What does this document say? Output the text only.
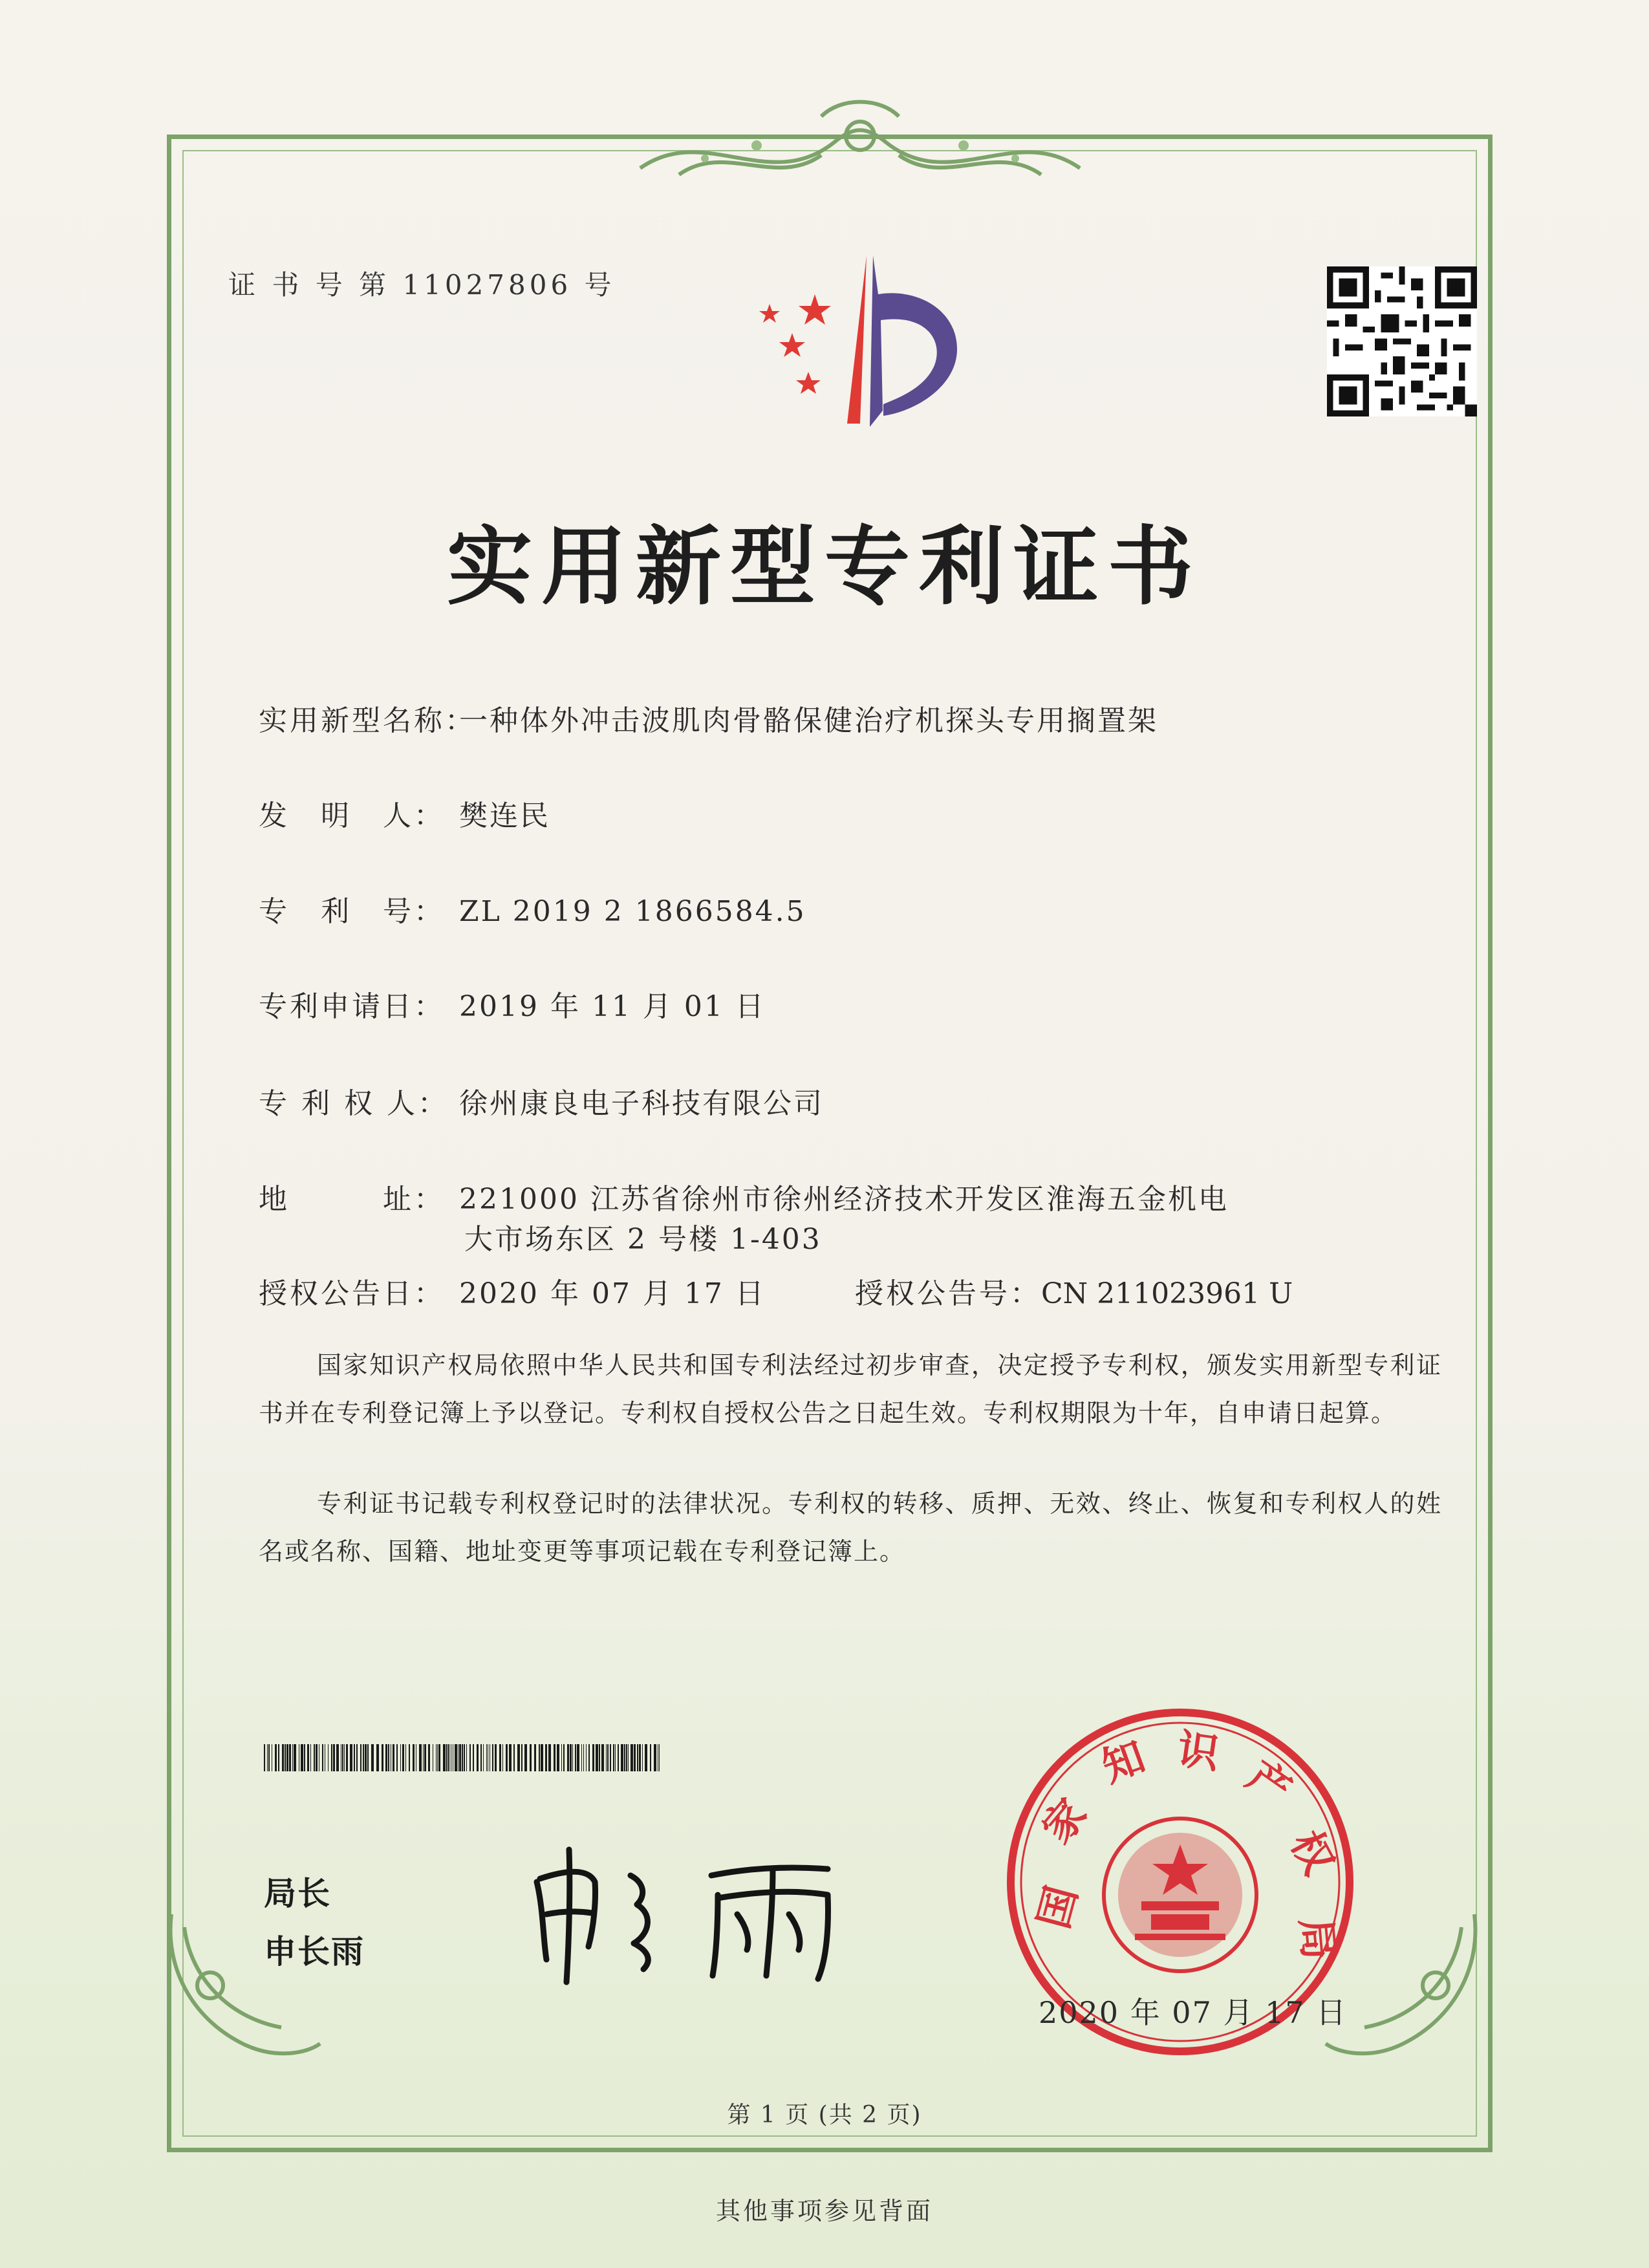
证 书 号 第 11027806 号
实用新型专利证书
实用新型名称：一种体外冲击波肌肉骨骼保健治疗机探头专用搁置架
发　明　人： 樊连民
专　利　号： ZL 2019 2 1866584.5
专利申请日： 2019 年 11 月 01 日
专 利 权 人： 徐州康良电子科技有限公司
地　　　址： 221000 江苏省徐州市徐州经济技术开发区淮海五金机电
大市场东区 2 号楼 1-403
授权公告日： 2020 年 07 月 17 日	授权公告号：CN 211023961 U
国家知识产权局依照中华人民共和国专利法经过初步审查，决定授予专利权，颁发实用新型专利证书并在专利登记簿上予以登记。专利权自授权公告之日起生效。专利权期限为十年，自申请日起算。
专利证书记载专利权登记时的法律状况。专利权的转移、质押、无效、终止、恢复和专利权人的姓名或名称、国籍、地址变更等事项记载在专利登记簿上。
局长
申长雨
国
家
知 识 产
权
局
2020 年 07 月 17 日
第 1 页 (共 2 页)
其他事项参见背面
